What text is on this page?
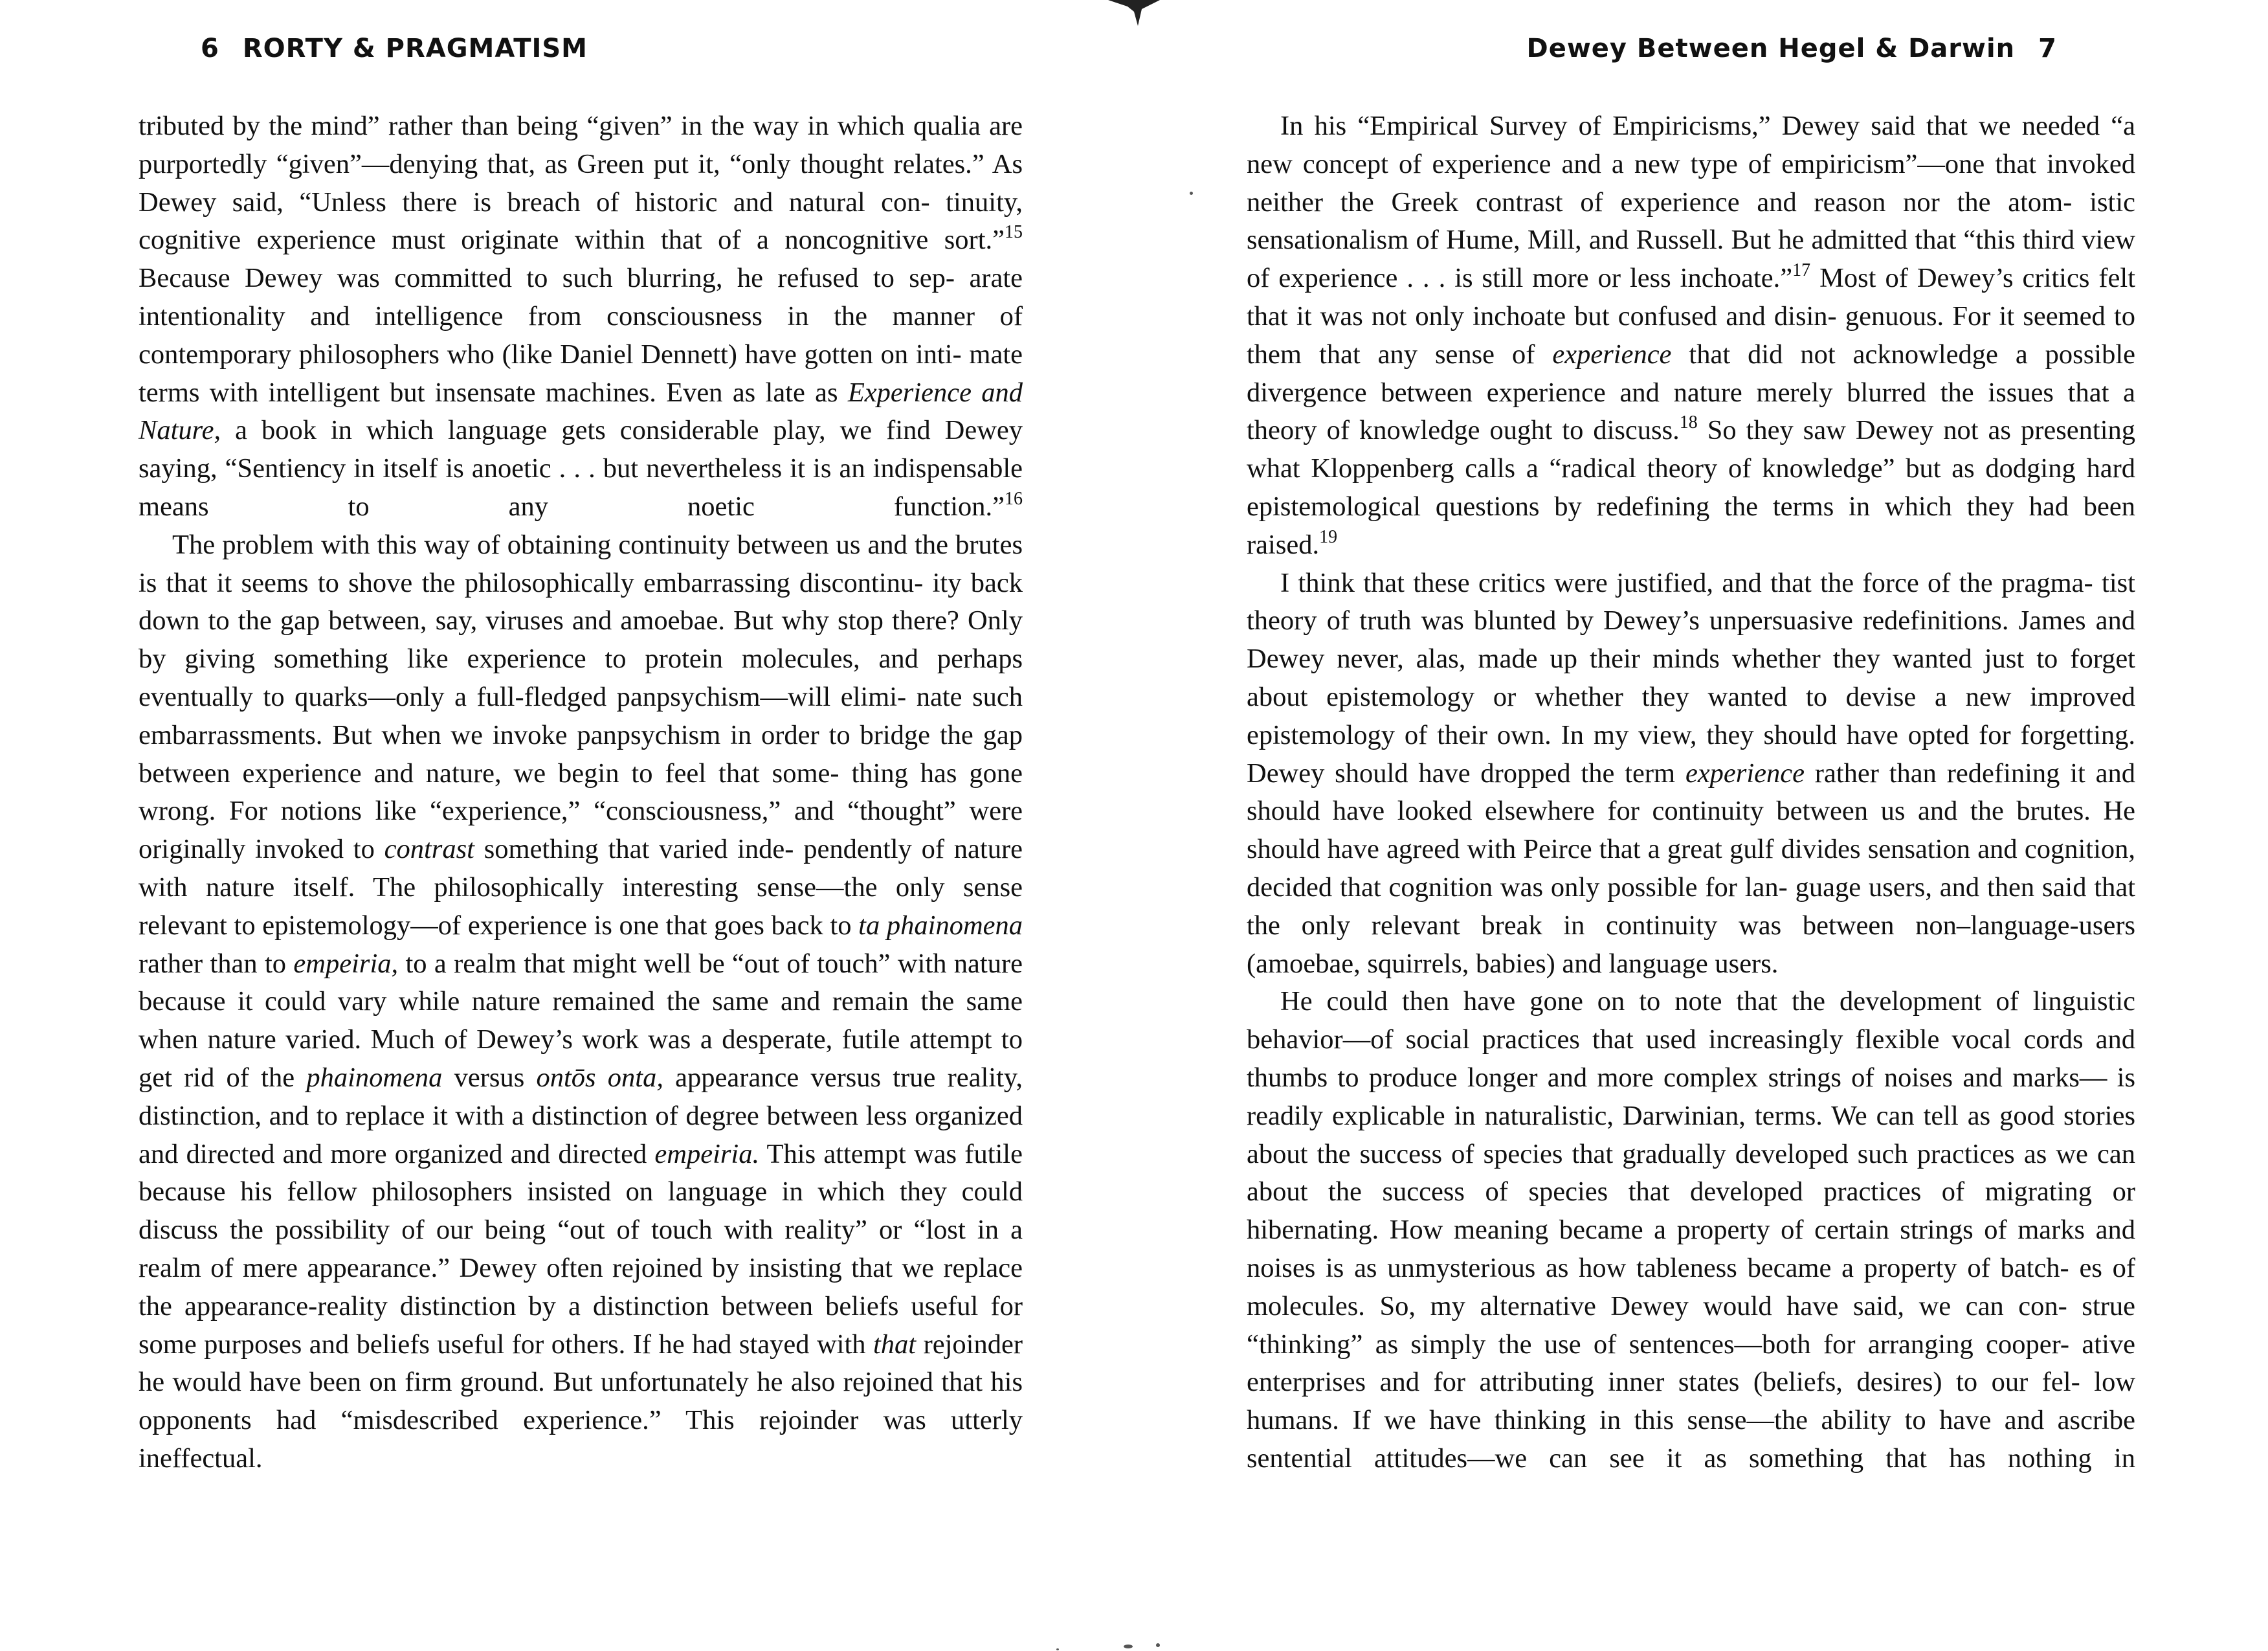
6 RORTY & PRAGMATISM

tributed by the mind” rather than being “given” in the way in which qualia are purportedly “given”—denying that, as Green put it, “only thought relates.” As Dewey said, “Unless there is breach of historic and natural con- tinuity, cognitive experience must originate within that of a noncognitive sort.”$^{15}$ Because Dewey was committed to such blurring, he refused to sep- arate intentionality and intelligence from consciousness in the manner of contemporary philosophers who (like Daniel Dennett) have gotten on inti- mate terms with intelligent but insensate machines. Even as late as Experience and Nature, a book in which language gets considerable play, we find Dewey saying, “Sentiency in itself is anoetic . . . but nevertheless it is an indispensable means to any noetic function.”$^{16}$

The problem with this way of obtaining continuity between us and the brutes is that it seems to shove the philosophically embarrassing discontinu- ity back down to the gap between, say, viruses and amoebae. But why stop there? Only by giving something like experience to protein molecules, and perhaps eventually to quarks—only a full-fledged panpsychism—will elimi- nate such embarrassments. But when we invoke panpsychism in order to bridge the gap between experience and nature, we begin to feel that some- thing has gone wrong. For notions like “experience,” “consciousness,” and “thought” were originally invoked to contrast something that varied inde- pendently of nature with nature itself. The philosophically interesting sense—the only sense relevant to epistemology—of experience is one that goes back to ta phainomena rather than to empeiria, to a realm that might well be “out of touch” with nature because it could vary while nature remained the same and remain the same when nature varied. Much of Dewey’s work was a desperate, futile attempt to get rid of the phainomena versus ontōs onta, appearance versus true reality, distinction, and to replace it with a distinction of degree between less organized and directed and more organized and directed empeiria. This attempt was futile because his fellow philosophers insisted on language in which they could discuss the possibility of our being “out of touch with reality” or “lost in a realm of mere appearance.” Dewey often rejoined by insisting that we replace the appearance-reality distinction by a distinction between beliefs useful for some purposes and beliefs useful for others. If he had stayed with that rejoinder he would have been on firm ground. But unfortunately he also rejoined that his opponents had “misdescribed experience.” This rejoinder was utterly ineffectual.

Dewey Between Hegel & Darwin 7

In his “Empirical Survey of Empiricisms,” Dewey said that we needed “a new concept of experience and a new type of empiricism”—one that invoked neither the Greek contrast of experience and reason nor the atom- istic sensationalism of Hume, Mill, and Russell. But he admitted that “this third view of experience . . . is still more or less inchoate.”$^{17}$ Most of Dewey’s critics felt that it was not only inchoate but confused and disin- genuous. For it seemed to them that any sense of experience that did not acknowledge a possible divergence between experience and nature merely blurred the issues that a theory of knowledge ought to discuss.$^{18}$ So they saw Dewey not as presenting what Kloppenberg calls a “radical theory of knowledge” but as dodging hard epistemological questions by redefining the terms in which they had been raised.$^{19}$

I think that these critics were justified, and that the force of the pragma- tist theory of truth was blunted by Dewey’s unpersuasive redefinitions. James and Dewey never, alas, made up their minds whether they wanted just to forget about epistemology or whether they wanted to devise a new improved epistemology of their own. In my view, they should have opted for forgetting. Dewey should have dropped the term experience rather than redefining it and should have looked elsewhere for continuity between us and the brutes. He should have agreed with Peirce that a great gulf divides sensation and cognition, decided that cognition was only possible for lan- guage users, and then said that the only relevant break in continuity was between non–language-users (amoebae, squirrels, babies) and language users.

He could then have gone on to note that the development of linguistic behavior—of social practices that used increasingly flexible vocal cords and thumbs to produce longer and more complex strings of noises and marks— is readily explicable in naturalistic, Darwinian, terms. We can tell as good stories about the success of species that gradually developed such practices as we can about the success of species that developed practices of migrating or hibernating. How meaning became a property of certain strings of marks and noises is as unmysterious as how tableness became a property of batch- es of molecules. So, my alternative Dewey would have said, we can con- strue “thinking” as simply the use of sentences—both for arranging cooper- ative enterprises and for attributing inner states (beliefs, desires) to our fel- low humans. If we have thinking in this sense—the ability to have and ascribe sentential attitudes—we can see it as something that has nothing in
